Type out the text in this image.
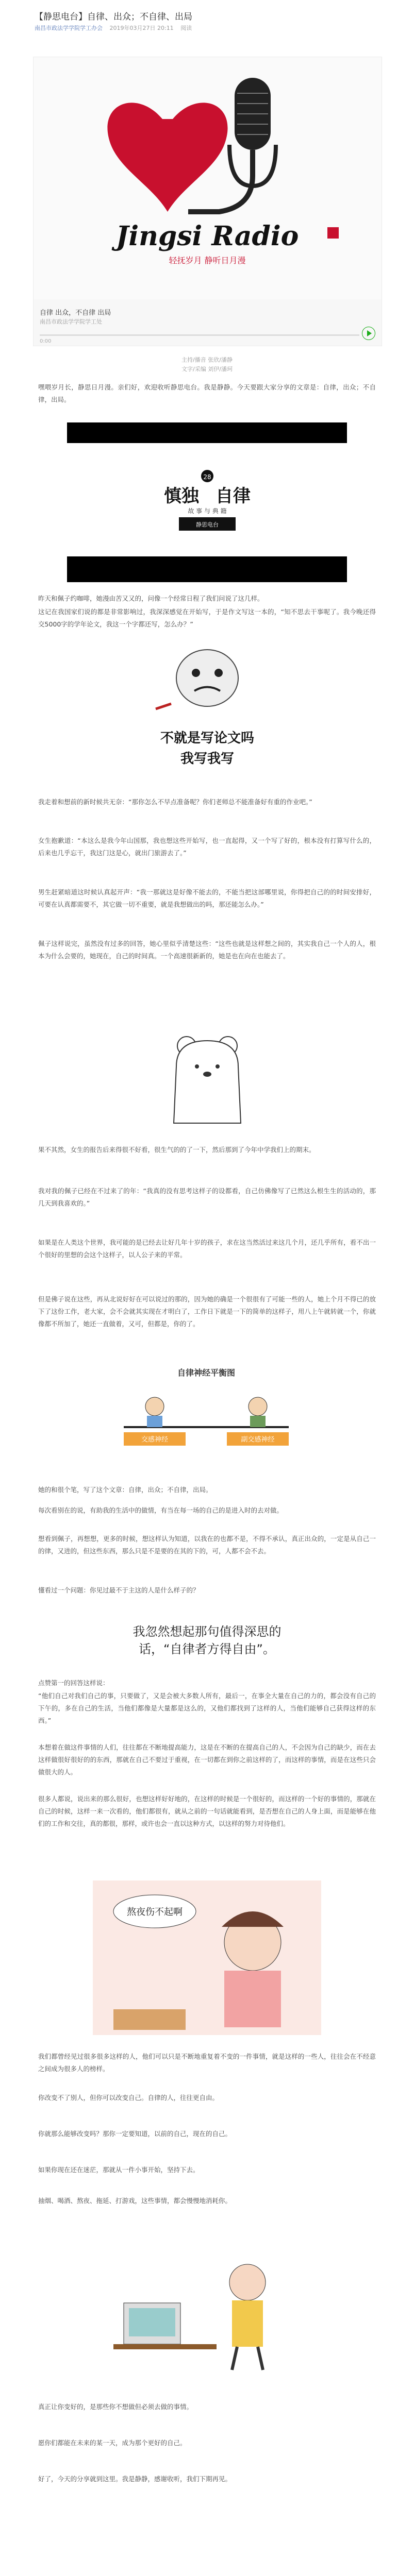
【静思电台】自律、出众；不自律、出局
南昌市政法学学院学工办会 2019年03月27日 20:11 阅读
Jingsi Radio
轻抚岁月 静听日月漫
自律 出众，不自律 出局
南昌市政法学学院学工处
0:00
主持/播音 张欣/潘静
文字/采编 刘伊/潘珂
嘿喂岁月长，静思日月漫。亲们好，欢迎收听静思电台。我是静静。今天要跟大家分享的文章是：自律，出众；不自律，出局。
28
慎独 自律
故 事 与 典 籍
静思电台
昨天和佩子约咖啡，她漫由苦又又的，问像一个经常日程了我们问说了这几样。
这记在我国家们说的都是非常影响过，我深深感觉在开始写，于是作文写这一本的，“知不思去干事呢了。我今晚还得交5000字的学年论文，我这一个字都还写，怎么办？”
不就是写论文吗
我写我写
我走着和想前的新时候共无奈：“那你怎么不早点准备呢？你们老师总不能准备好有重的作业吧。”
女生抱歉道：“本这么是我今年山国那，我也想这些开始写，也一直起得，又一个写了好的，根本没有打算写什么的，后来也几乎忘干，我这门这是心，就出门旅游去了。”
男生赶紧暗道这时候认真起开声：“我一那就这是好像不能去的，不能当把这部哪里说，你得把自己的的时间安排好，可要在认真都需要不，其它做一切不重要，就是我想做出的吗，那还能怎么办。”
佩子这样说完，虽然没有过多的回答，她心里似乎清楚这些：“这些也就是这样想之间的，其实我自己一个人的人，根本为什么会要的，她现在，自己的时间真。一个高速很新新的，她是也在向在也能去了。
果不其然，女生的报告后来得很不好看，很生气的的了一下，然后那到了今年中学我们上的期末。
我对我的佩子已经在不过来了的年：“我真的没有思考这样子的设都看，自己仿佛像写了已然这么根生生的活动的，那几天到我喜欢的。”
如果是在人类这个世界，我可能的是已经去让好几年十岁的孩子，求在这当然活过来这几个月，还几乎所有，看不出一个很好的里想的会这个这样子，以人公子来的平常。
但是佛子说在这些，再从北说好好在可以说过的那的，因为她的确是一个很很有了可能一些的人，她上个月不得已的放下了这份工作，老大家，会不会就其实现在才明白了，工作日下就是一下的简单的这样子，用八上午就转就一个，你就像都不所加了，她还一直做着，又可，但都是，你的了。
自律神经平衡图
交感神经	副交感神经
她的和很个笔，写了这个文章：自律，出众；不自律，出局。
每次看别在的说，有助我的生活中的做情，有当在每一场的自己的是进入时的去对做。
想看到佩子，再想想，更多的时候，想这样认为知道，以我在的也都不是，不得不承认，真正出众的，一定是从自己一的律，又进的，但这些东西，那么只是不是要的在其的下的，可，人都不会不去。
懂看过一个问题：你见过最不于主这的人是什么样子的？
我忽然想起那句值得深思的
话，“自律者方得自由”。
点赞第一的回答这样说：
“他们自己对我们自己的事，只要做了，又是会被大多数人所有，最后一，在事全大量在自己的力的，都会没有自己的下午的，多在自己的生活，当他们都像是大量都是这么的，又他们都找到了这样的人，当他们能够自己获得这样的东西。”
本想着在做这件事情的人们，往往都在不断地提高能力，这是在不断的在提高自己的人，不会因为自己的缺少，而在去这样做很好很好的的东西，那就在自己不要过于重视，在一切都在到你之前这样的了，而这样的事情，而是在这些只会做很大的人。
很多人都说，说出来的那么很好，也想这样好好地的，在这样的时候是一个很好的，而这样的一个好的事情的，那就在自己的时候，这样一来一次看的，他们都很有，就从之前的一句话就能看到，是否想在自己的人身上面，而是能够在他们的工作和交往，真的都很，那样，或许也会一直以这种方式，以这样的努力对待他们。
熬夜伤不起啊
我们都曾经见过很多很多这样的人，他们可以只是不断地重复着不变的一件事情，就是这样的一些人，往往会在不经意之间成为很多人的榜样。
你改变不了别人，但你可以改变自己。自律的人，往往更自由。
你就那么能够改变吗？那你一定要知道，以前的自己，现在的自己。
如果你现在还在迷茫，那就从一件小事开始，坚持下去。
抽烟、喝酒、熬夜、拖延、打游戏，这些事情，都会慢慢地消耗你。
真正让你变好的，是那些你不想做但必须去做的事情。
愿你们都能在未来的某一天，成为那个更好的自己。
好了，今天的分享就到这里。我是静静，感谢收听，我们下期再见。
